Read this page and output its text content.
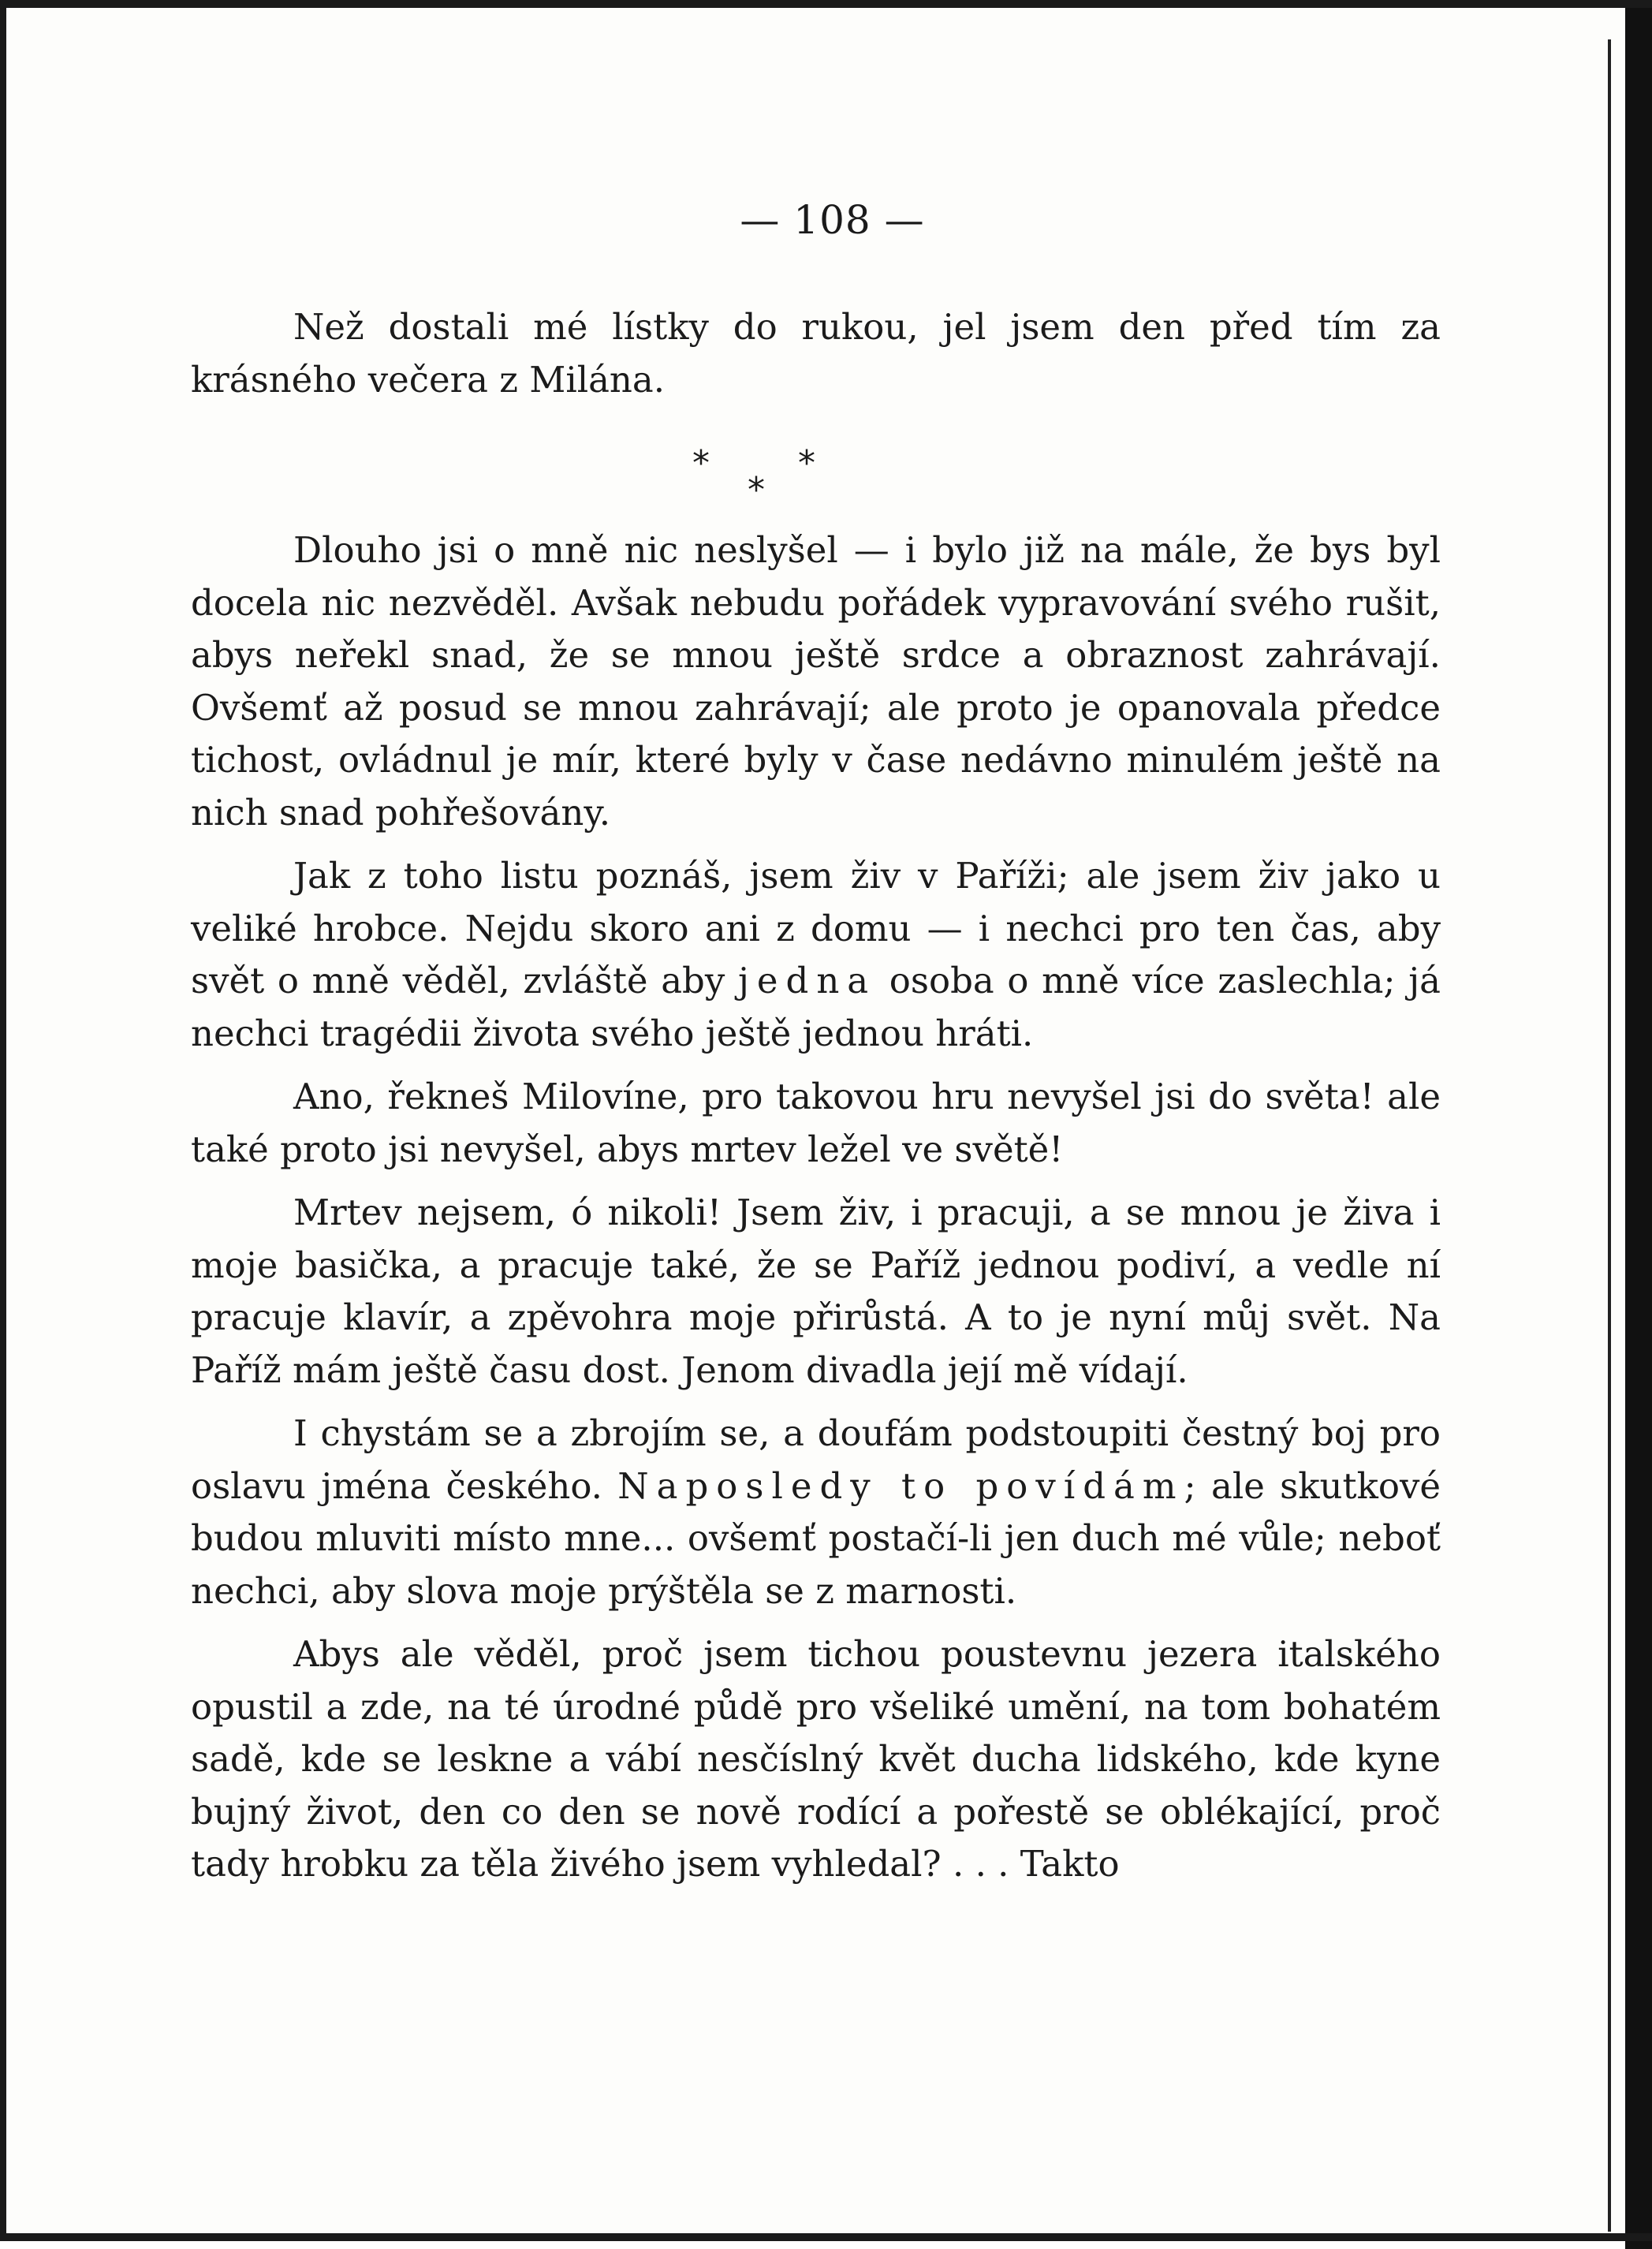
— 108 —

Než dostali mé lístky do rukou, jel jsem den před tím za krásného večera z Milána.

*	*
*

Dlouho jsi o mně nic neslyšel — i bylo již na mále, že bys byl docela nic nezvěděl. Avšak nebudu pořádek vypravování svého rušit, abys neřekl snad, že se mnou ještě srdce a obraznost zahrávají. Ovšemť až posud se mnou zahrávají; ale proto je opanovala předce tichost, ovládnul je mír, které byly v čase nedávno minulém ještě na nich snad pohřešovány.

Jak z toho listu poznáš, jsem živ v Paříži; ale jsem živ jako u veliké hrobce. Nejdu skoro ani z domu — i nechci pro ten čas, aby svět o mně věděl, zvláště aby jedna osoba o mně více zaslechla; já nechci tragédii života svého ještě jednou hráti.

Ano, řekneš Milovíne, pro takovou hru nevyšel jsi do světa! ale také proto jsi nevyšel, abys mrtev ležel ve světě!

Mrtev nejsem, ó nikoli! Jsem živ, i pracuji, a se mnou je živa i moje basička, a pracuje také, že se Paříž jednou podiví, a vedle ní pracuje klavír, a zpěvohra moje přirůstá. A to je nyní můj svět. Na Paříž mám ještě času dost. Jenom divadla její mě vídají.

I chystám se a zbrojím se, a doufám podstoupiti čestný boj pro oslavu jména českého. Naposledy to povídám; ale skutkové budou mluviti místo mne... ovšemť postačí-li jen duch mé vůle; neboť nechci, aby slova moje prýštěla se z marnosti.

Abys ale věděl, proč jsem tichou poustevnu jezera italského opustil a zde, na té úrodné půdě pro všeliké umění, na tom bohatém sadě, kde se leskne a vábí nesčíslný květ ducha lidského, kde kyne bujný život, den co den se nově rodící a pořestě se oblékající, proč tady hrobku za těla živého jsem vyhledal? . . . Takto
